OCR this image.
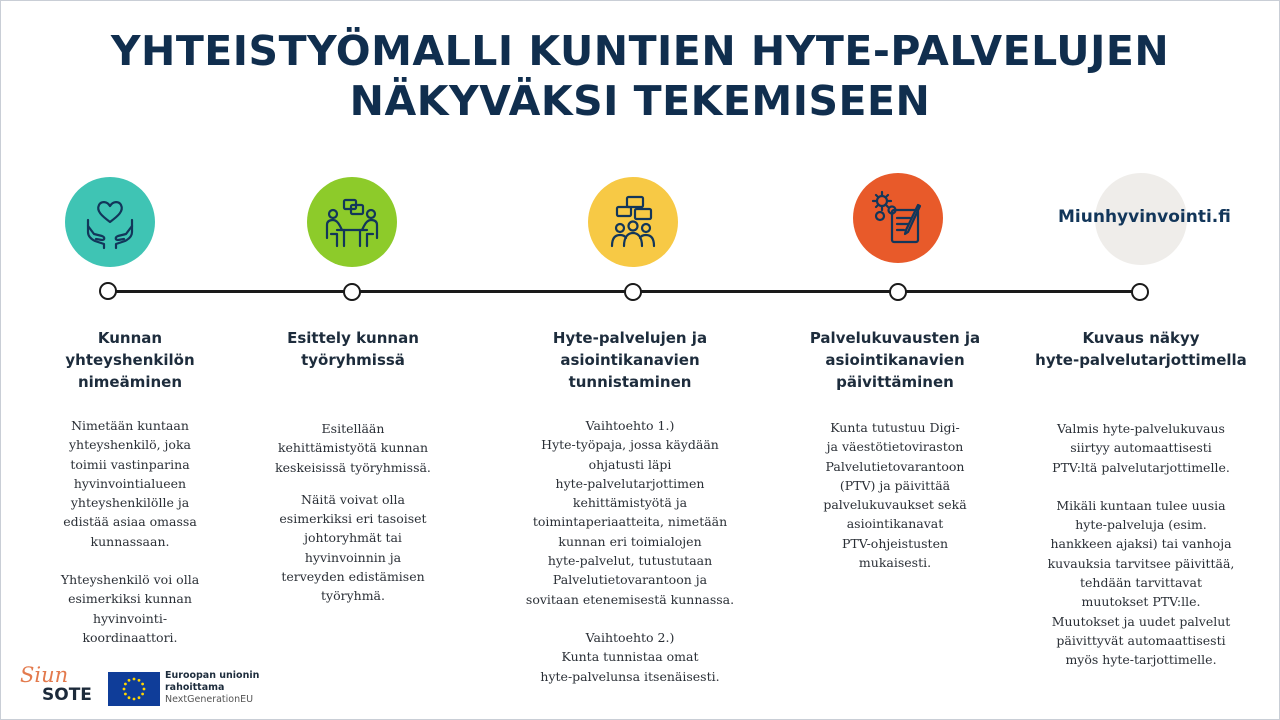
YHTEISTYÖMALLI KUNTIEN HYTE-PALVELUJEN
NÄKYVÄKSI TEKEMISEEN
Miunhyvinvointi.fi
Kunnan
yhteyshenkilön
nimeäminen

Nimetään kuntaan

yhteyshenkilö, joka

toimii vastinparina

hyvinvointialueen

yhteyshenkilölle ja

edistää asiaa omassa

kunnassaan.

Yhteyshenkilö voi olla

esimerkiksi kunnan

hyvinvointi-

koordinaattori.

Esittely kunnan
työryhmissä

Esitellään

kehittämistyötä kunnan

keskeisissä työryhmissä.

Näitä voivat olla

esimerkiksi eri tasoiset

johtoryhmät tai

hyvinvoinnin ja

terveyden edistämisen

työryhmä.

Hyte-palvelujen ja
asiointikanavien
tunnistaminen

Vaihtoehto 1.)

Hyte-työpaja, jossa käydään

ohjatusti läpi

hyte-palvelutarjottimen

kehittämistyötä ja

toimintaperiaatteita, nimetään

kunnan eri toimialojen

hyte-palvelut, tutustutaan

Palvelutietovarantoon ja

sovitaan etenemisestä kunnassa.

Vaihtoehto 2.)

Kunta tunnistaa omat

hyte-palvelunsa itsenäisesti.

Palvelukuvausten ja
asiointikanavien
päivittäminen

Kunta tutustuu Digi-

ja väestötietoviraston

Palvelutietovarantoon

(PTV) ja päivittää

palvelukuvaukset sekä

asiointikanavat

PTV-ohjeistusten

mukaisesti.

Kuvaus näkyy
hyte-palvelutarjottimella

Valmis hyte-palvelukuvaus

siirtyy automaattisesti

PTV:ltä palvelutarjottimelle.

Mikäli kuntaan tulee uusia

hyte-palveluja (esim.

hankkeen ajaksi) tai vanhoja

kuvauksia tarvitsee päivittää,

tehdään tarvittavat

muutokset PTV:lle.

Muutokset ja uudet palvelut

päivittyvät automaattisesti

myös hyte-tarjottimelle.

Siun
SOTE
Euroopan unionin
rahoittama
NextGenerationEU
